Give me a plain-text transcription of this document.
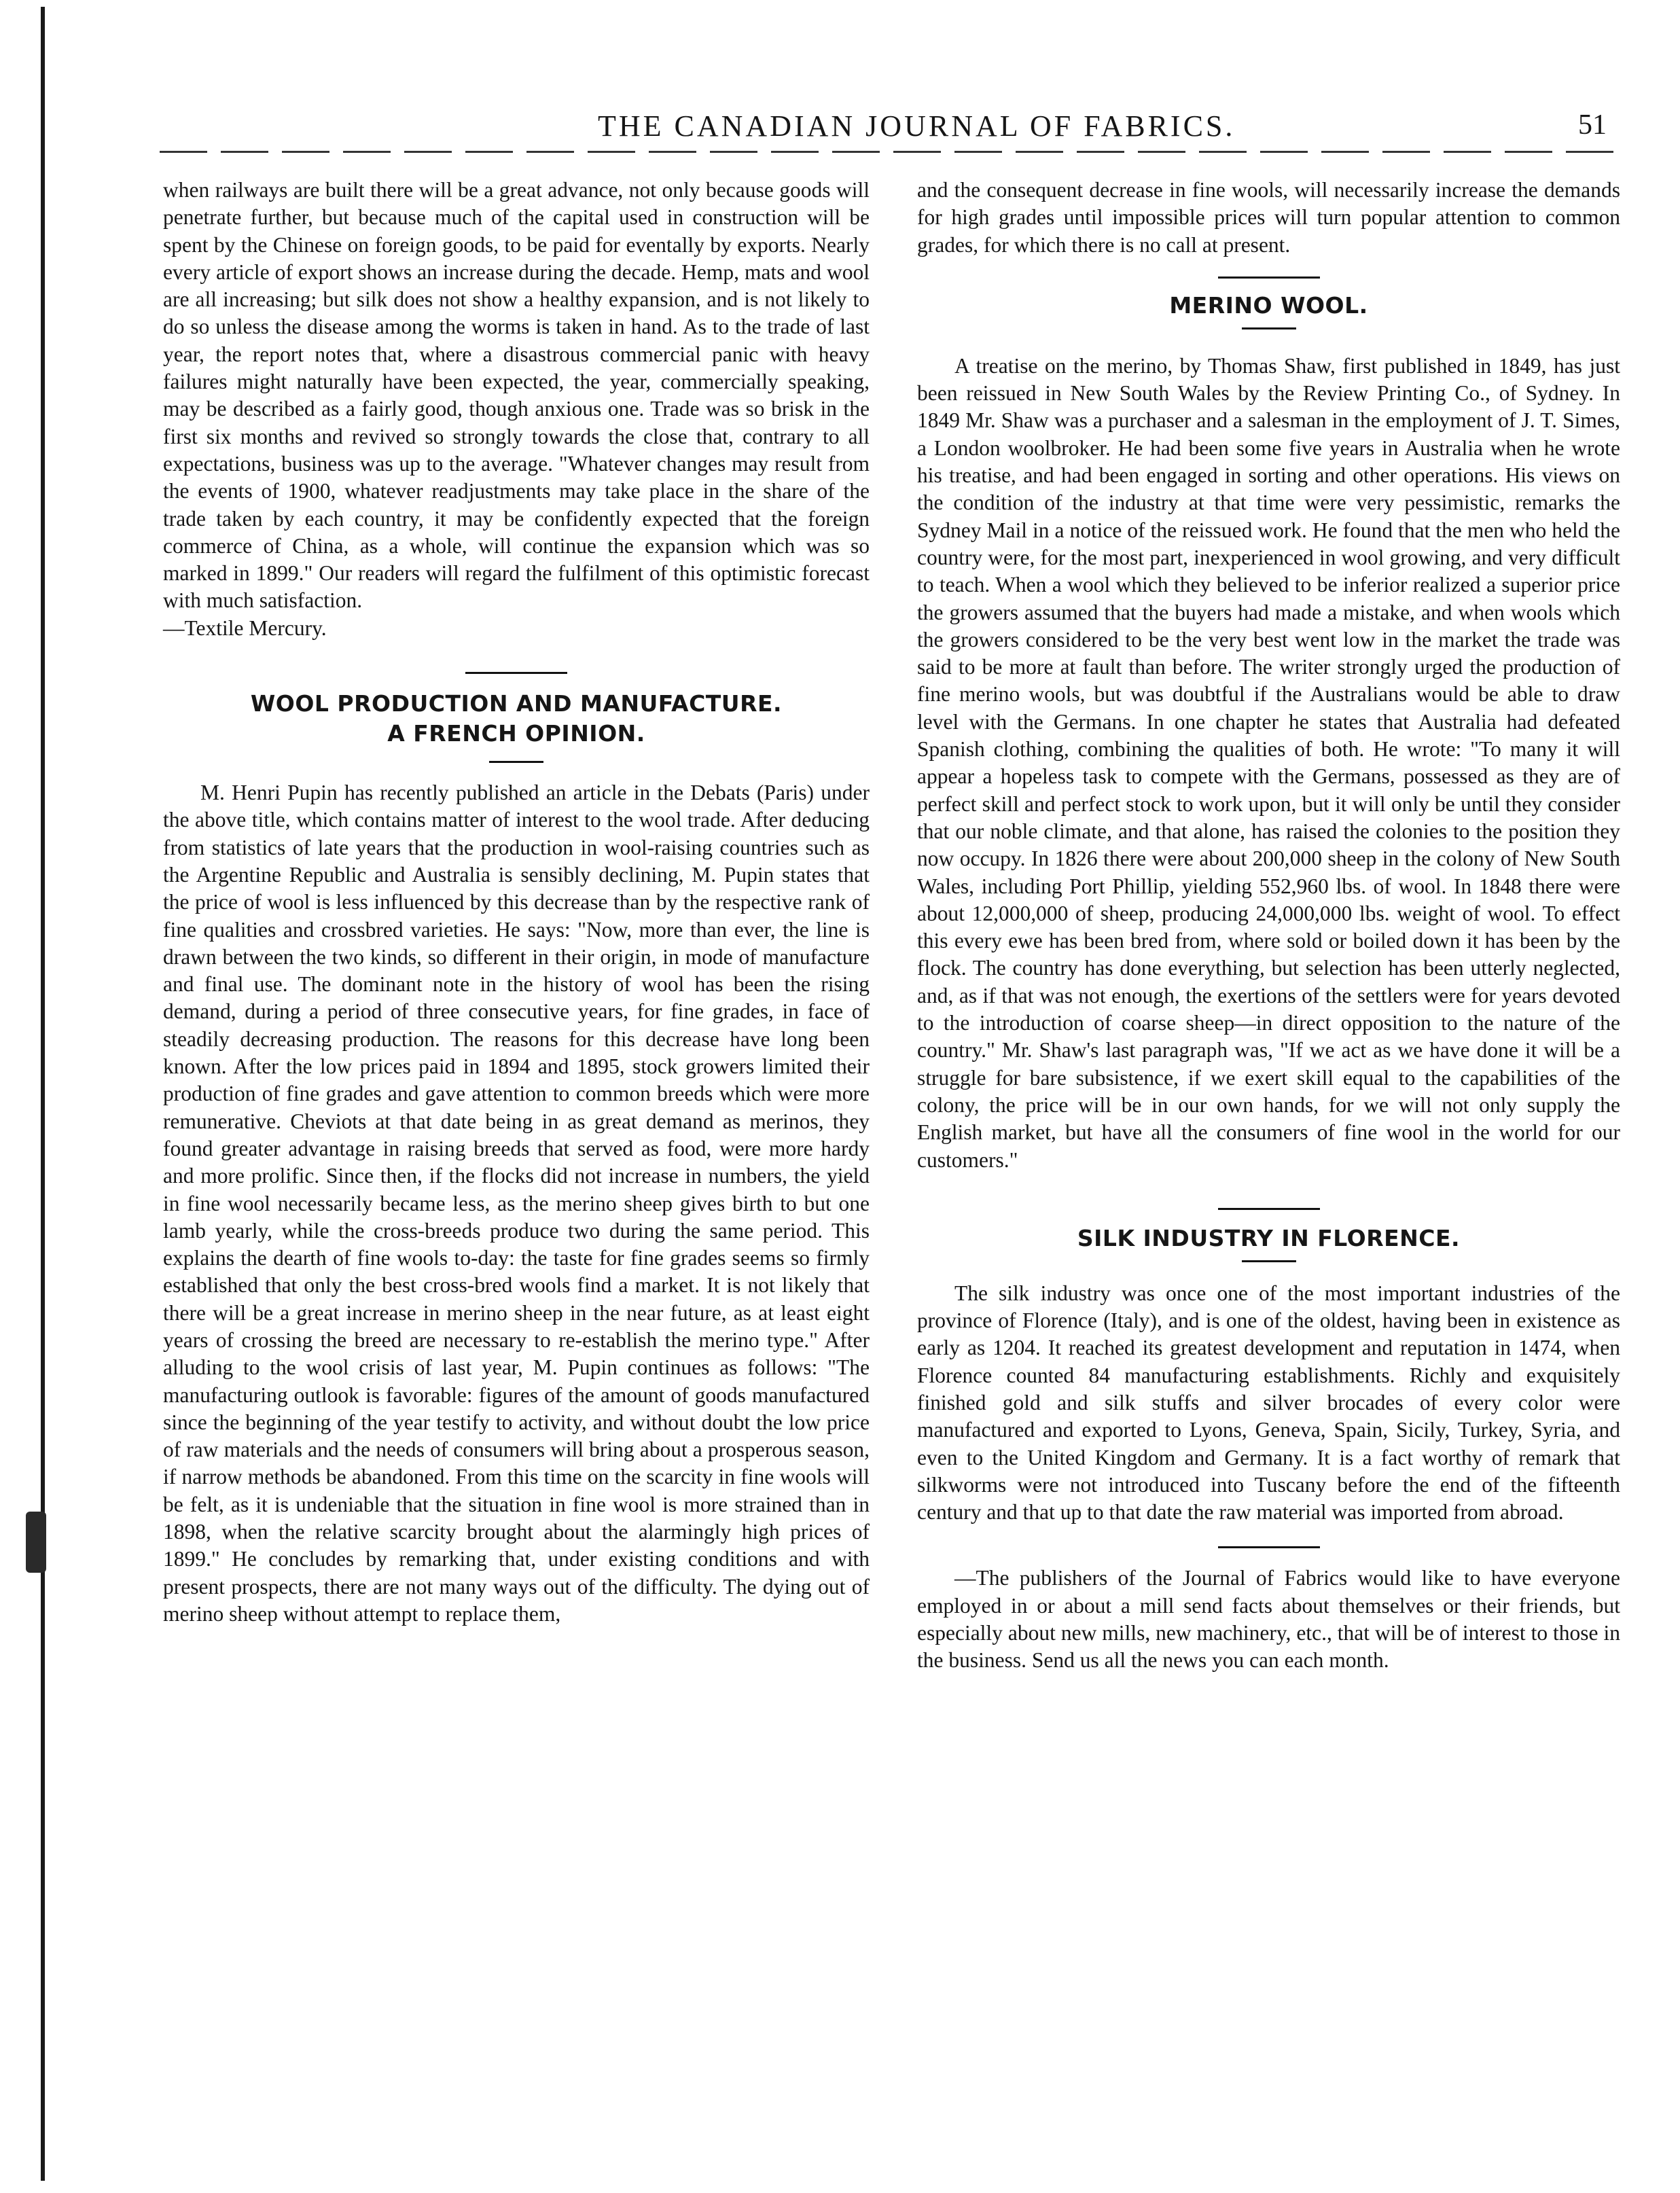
THE CANADIAN JOURNAL OF FABRICS.	51

when railways are built there will be a great advance, not only because goods will penetrate further, but because much of the capital used in construction will be spent by the Chinese on foreign goods, to be paid for eventally by exports. Nearly every article of export shows an increase during the decade. Hemp, mats and wool are all increasing; but silk does not show a healthy expansion, and is not likely to do so unless the disease among the worms is taken in hand. As to the trade of last year, the report notes that, where a disastrous commercial panic with heavy failures might naturally have been expected, the year, commercially speaking, may be described as a fairly good, though anxious one. Trade was so brisk in the first six months and revived so strongly towards the close that, contrary to all expectations, business was up to the average. "Whatever changes may result from the events of 1900, whatever readjustments may take place in the share of the trade taken by each country, it may be confidently expected that the foreign commerce of China, as a whole, will continue the expansion which was so marked in 1899." Our readers will regard the fulfilment of this optimistic forecast with much satisfaction.

—Textile Mercury.

WOOL PRODUCTION AND MANUFACTURE.
A FRENCH OPINION.

M. Henri Pupin has recently published an article in the Debats (Paris) under the above title, which contains matter of interest to the wool trade. After deducing from statistics of late years that the production in wool-raising countries such as the Argentine Republic and Australia is sensibly declining, M. Pupin states that the price of wool is less influenced by this decrease than by the respective rank of fine qualities and crossbred varieties. He says: "Now, more than ever, the line is drawn between the two kinds, so different in their origin, in mode of manufacture and final use. The dominant note in the history of wool has been the rising demand, during a period of three consecutive years, for fine grades, in face of steadily decreasing production. The reasons for this decrease have long been known. After the low prices paid in 1894 and 1895, stock growers limited their production of fine grades and gave attention to common breeds which were more remunerative. Cheviots at that date being in as great demand as merinos, they found greater advantage in raising breeds that served as food, were more hardy and more prolific. Since then, if the flocks did not increase in numbers, the yield in fine wool necessarily became less, as the merino sheep gives birth to but one lamb yearly, while the cross-breeds produce two during the same period. This explains the dearth of fine wools to-day: the taste for fine grades seems so firmly established that only the best cross-bred wools find a market. It is not likely that there will be a great increase in merino sheep in the near future, as at least eight years of crossing the breed are necessary to re-establish the merino type." After alluding to the wool crisis of last year, M. Pupin continues as follows: "The manufacturing outlook is favorable: figures of the amount of goods manufactured since the beginning of the year testify to activity, and without doubt the low price of raw materials and the needs of consumers will bring about a prosperous season, if narrow methods be abandoned. From this time on the scarcity in fine wools will be felt, as it is undeniable that the situation in fine wool is more strained than in 1898, when the relative scarcity brought about the alarmingly high prices of 1899." He concludes by remarking that, under existing conditions and with present prospects, there are not many ways out of the difficulty. The dying out of merino sheep without attempt to replace them,

and the consequent decrease in fine wools, will necessarily increase the demands for high grades until impossible prices will turn popular attention to common grades, for which there is no call at present.

MERINO WOOL.

A treatise on the merino, by Thomas Shaw, first published in 1849, has just been reissued in New South Wales by the Review Printing Co., of Sydney. In 1849 Mr. Shaw was a purchaser and a salesman in the employment of J. T. Simes, a London woolbroker. He had been some five years in Australia when he wrote his treatise, and had been engaged in sorting and other operations. His views on the condition of the industry at that time were very pessimistic, remarks the Sydney Mail in a notice of the reissued work. He found that the men who held the country were, for the most part, inexperienced in wool growing, and very difficult to teach. When a wool which they believed to be inferior realized a superior price the growers assumed that the buyers had made a mistake, and when wools which the growers considered to be the very best went low in the market the trade was said to be more at fault than before. The writer strongly urged the production of fine merino wools, but was doubtful if the Australians would be able to draw level with the Germans. In one chapter he states that Australia had defeated Spanish clothing, combining the qualities of both. He wrote: "To many it will appear a hopeless task to compete with the Germans, possessed as they are of perfect skill and perfect stock to work upon, but it will only be until they consider that our noble climate, and that alone, has raised the colonies to the position they now occupy. In 1826 there were about 200,000 sheep in the colony of New South Wales, including Port Phillip, yielding 552,960 lbs. of wool. In 1848 there were about 12,000,000 of sheep, producing 24,000,000 lbs. weight of wool. To effect this every ewe has been bred from, where sold or boiled down it has been by the flock. The country has done everything, but selection has been utterly neglected, and, as if that was not enough, the exertions of the settlers were for years devoted to the introduction of coarse sheep—in direct opposition to the nature of the country." Mr. Shaw's last paragraph was, "If we act as we have done it will be a struggle for bare subsistence, if we exert skill equal to the capabilities of the colony, the price will be in our own hands, for we will not only supply the English market, but have all the consumers of fine wool in the world for our customers."

SILK INDUSTRY IN FLORENCE.

The silk industry was once one of the most important industries of the province of Florence (Italy), and is one of the oldest, having been in existence as early as 1204. It reached its greatest development and reputation in 1474, when Florence counted 84 manufacturing establishments. Richly and exquisitely finished gold and silk stuffs and silver brocades of every color were manufactured and exported to Lyons, Geneva, Spain, Sicily, Turkey, Syria, and even to the United Kingdom and Germany. It is a fact worthy of remark that silkworms were not introduced into Tuscany before the end of the fifteenth century and that up to that date the raw material was imported from abroad.

—The publishers of the Journal of Fabrics would like to have everyone employed in or about a mill send facts about themselves or their friends, but especially about new mills, new machinery, etc., that will be of interest to those in the business. Send us all the news you can each month.
